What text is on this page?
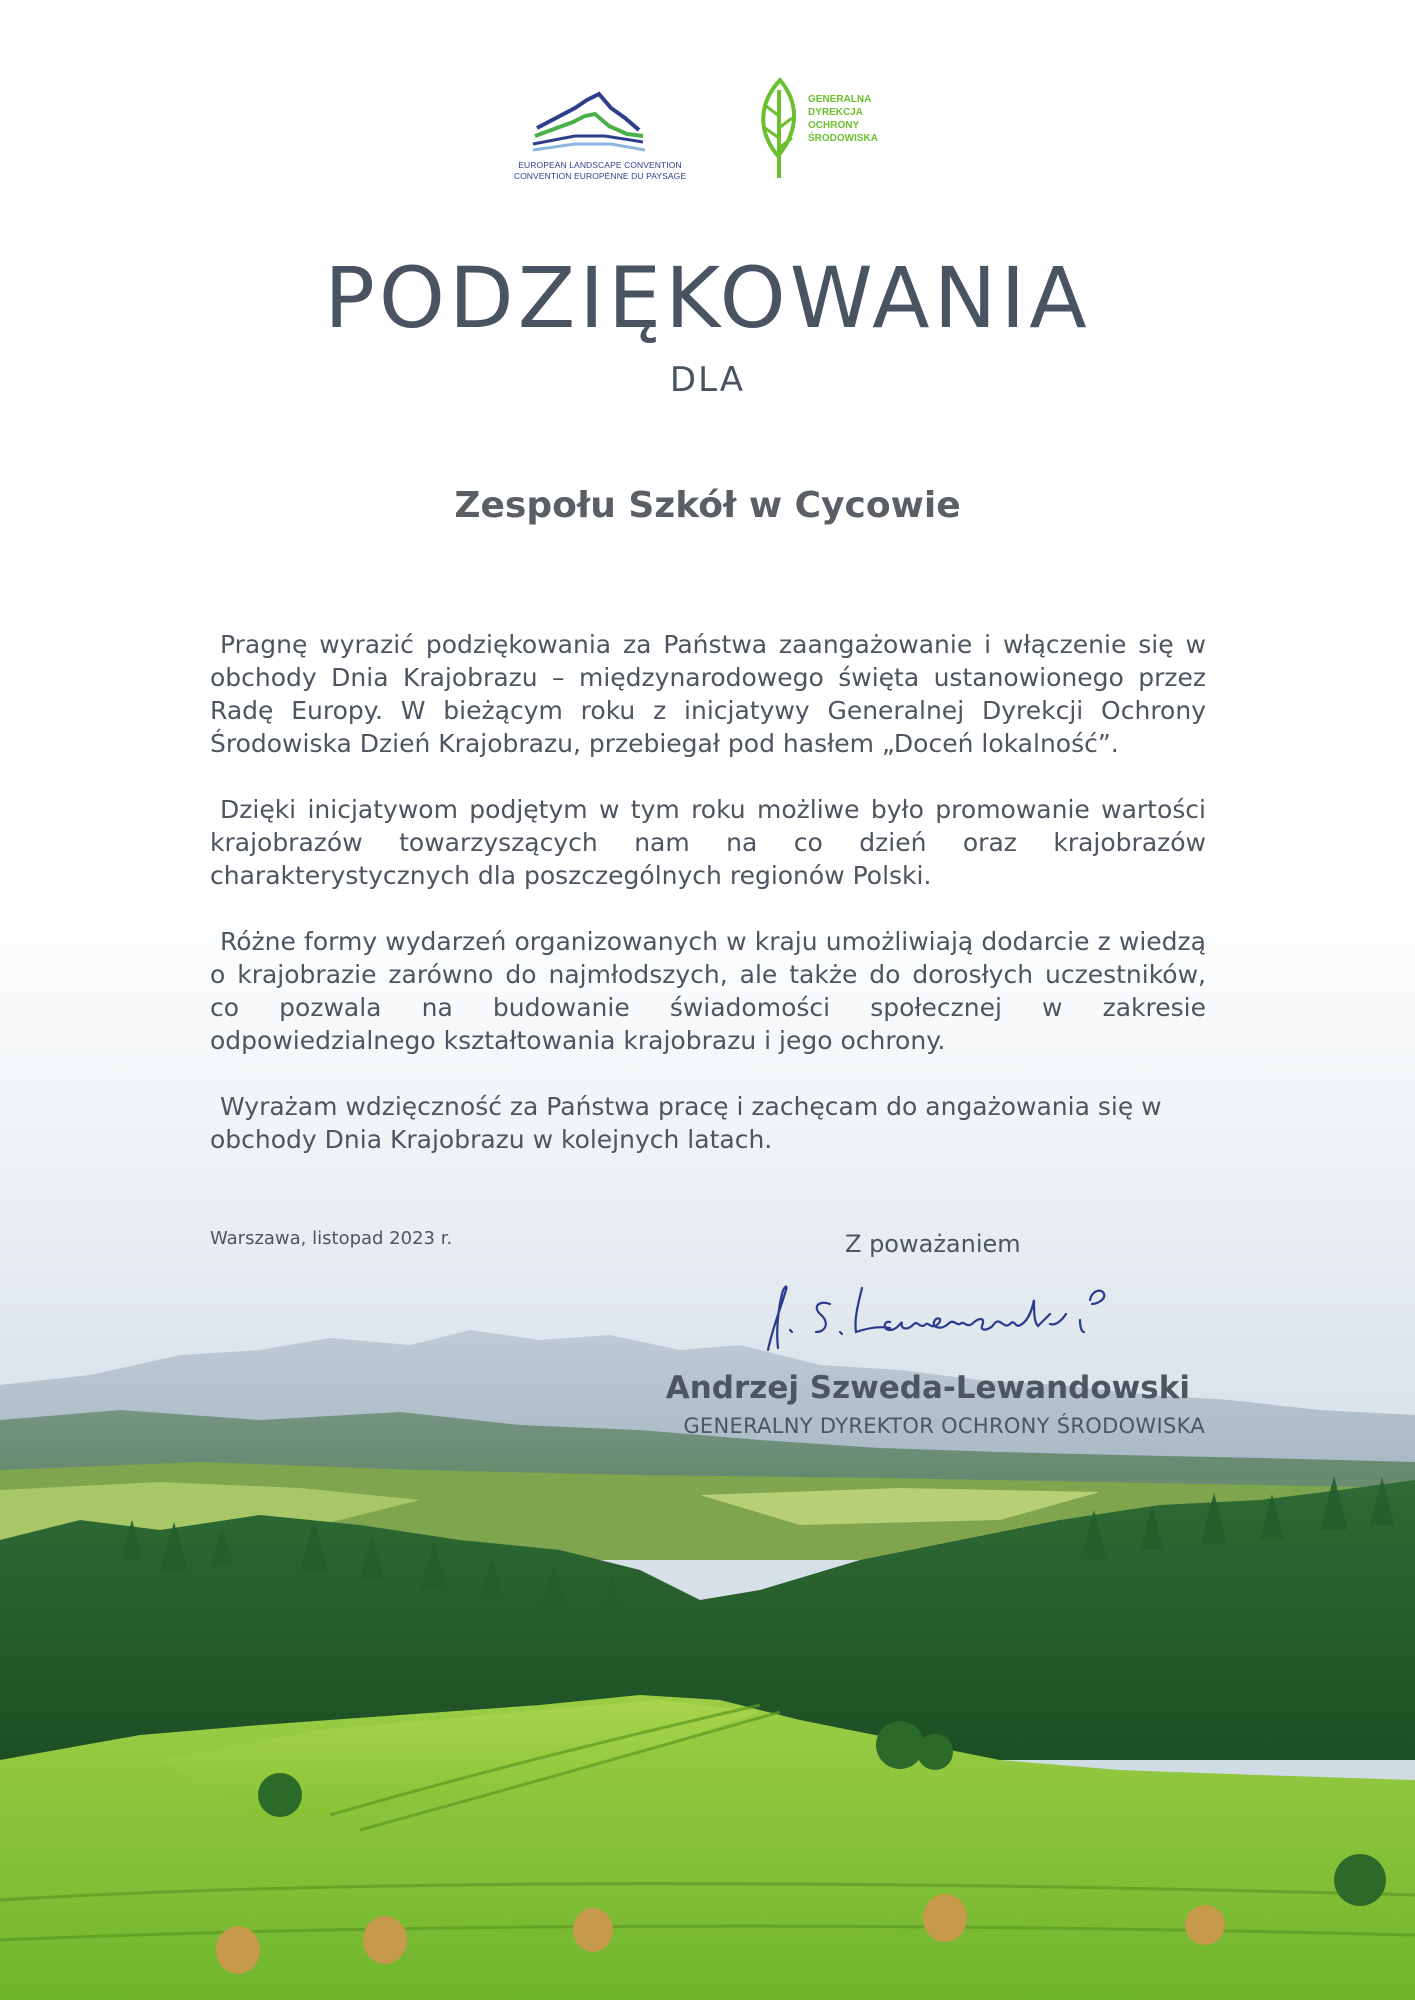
EUROPEAN LANDSCAPE CONVENTION
CONVENTION EUROPÉNNE DU PAYSAGE
GENERALNA
DYREKCJA
OCHRONY
ŚRODOWISKA
PODZIĘKOWANIA
DLA
Zespołu Szkół w Cycowie

Pragnę wyrazić podziękowania za Państwa zaangażowanie i włączenie się w obchody Dnia Krajobrazu – międzynarodowego święta ustanowionego przez Radę Europy. W bieżącym roku z inicjatywy Generalnej Dyrekcji Ochrony Środowiska Dzień Krajobrazu, przebiegał pod hasłem „Doceń lokalność”.

Dzięki inicjatywom podjętym w tym roku możliwe było promowanie wartości krajobrazów towarzyszących nam na co dzień oraz krajobrazów charakterystycznych dla poszczególnych regionów Polski.

Różne formy wydarzeń organizowanych w kraju umożliwiają dodarcie z wiedzą o krajobrazie zarówno do najmłodszych, ale także do dorosłych uczestników, co pozwala na budowanie świadomości społecznej w zakresie odpowiedzialnego kształtowania krajobrazu i jego ochrony.

Wyrażam wdzięczność za Państwa pracę i zachęcam do angażowania się w obchody Dnia Krajobrazu w kolejnych latach.

Warszawa, listopad 2023 r.	Z poważaniem
Andrzej Szweda-Lewandowski
GENERALNY DYREKTOR OCHRONY ŚRODOWISKA
